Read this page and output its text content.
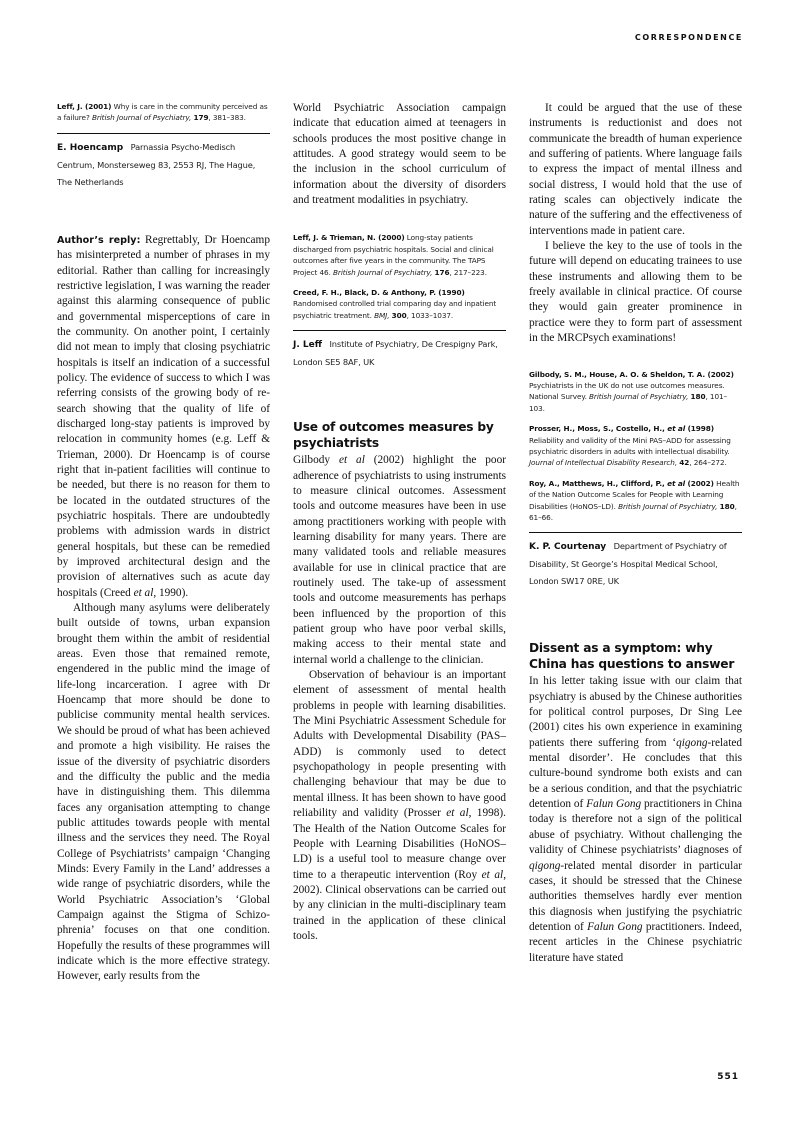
CORRESPONDENCE

Leff, J. (2001) Why is care in the community perceived as a failure? British Journal of Psychiatry, 179, 381–383.

E. Hoencamp Parnassia Psycho-Medisch
Centrum, Monsterseweg 83, 2553 RJ, The Hague,
The Netherlands

Author’s reply: Regrettably, Dr Hoencamp has misinterpreted a number of phrases in my editorial. Rather than calling for increasingly restrictive legislation, I was warning the reader against this alarming consequence of public and governmental misperceptions of care in the community. On another point, I certainly did not mean to imply that closing psychiatric hospitals is itself an indication of a successful policy. The evidence of success to which I was referring consists of the growing body of research showing that the quality of life of discharged long-stay patients is improved by relocation in community homes (e.g. Leff & Trieman, 2000). Dr Hoencamp is of course right that in-patient facilities will continue to be needed, but there is no reason for them to be located in the outdated structures of the psychiatric hospitals. There are undoubtedly problems with admission wards in district general hospitals, but these can be remedied by improved architectural design and the provision of alternatives such as acute day hospitals (Creed et al, 1990).

Although many asylums were deliberately built outside of towns, urban expansion brought them within the ambit of residential areas. Even those that remained remote, engendered in the public mind the image of life-long incarceration. I agree with Dr Hoencamp that more should be done to publicise community mental health services. We should be proud of what has been achieved and promote a high visibility. He raises the issue of the diversity of psychiatric disorders and the difficulty the public and the media have in distinguishing them. This dilemma faces any organisation attempting to change public attitudes towards people with mental illness and the services they need. The Royal College of Psychiatrists’ campaign ‘Changing Minds: Every Family in the Land’ addresses a wide range of psychiatric disorders, while the World Psychiatric Association’s ‘Global Campaign against the Stigma of Schizophrenia’ focuses on that one condition. Hopefully the results of these programmes will indicate which is the more effective strategy. However, early results from the

World Psychiatric Association campaign indicate that education aimed at teenagers in schools produces the most positive change in attitudes. A good strategy would seem to be the inclusion in the school curriculum of information about the diversity of disorders and treatment modalities in psychiatry.

Leff, J. & Trieman, N. (2000) Long-stay patients discharged from psychiatric hospitals. Social and clinical outcomes after five years in the community. The TAPS Project 46. British Journal of Psychiatry, 176, 217–223.

Creed, F. H., Black, D. & Anthony, P. (1990) Randomised controlled trial comparing day and inpatient psychiatric treatment. BMJ, 300, 1033–1037.

J. Leff Institute of Psychiatry, De Crespigny Park,
London SE5 8AF, UK
Use of outcomes measures by psychiatrists

Gilbody et al (2002) highlight the poor adherence of psychiatrists to using instruments to measure clinical outcomes. Assessment tools and outcome measures have been in use among practitioners working with people with learning disability for many years. There are many validated tools and reliable measures available for use in clinical practice that are routinely used. The take-up of assessment tools and outcome measurements has perhaps been influenced by the proportion of this patient group who have poor verbal skills, making access to their mental state and internal world a challenge to the clinician.

Observation of behaviour is an important element of assessment of mental health problems in people with learning disabilities. The Mini Psychiatric Assessment Schedule for Adults with Developmental Disability (PAS–ADD) is commonly used to detect psychopathology in people presenting with challenging behaviour that may be due to mental illness. It has been shown to have good reliability and validity (Prosser et al, 1998). The Health of the Nation Outcome Scales for People with Learning Disabilities (HoNOS–LD) is a useful tool to measure change over time to a therapeutic intervention (Roy et al, 2002). Clinical observations can be carried out by any clinician in the multi-disciplinary team trained in the application of these clinical tools.

It could be argued that the use of these instruments is reductionist and does not communicate the breadth of human experience and suffering of patients. Where language fails to express the impact of mental illness and social distress, I would hold that the use of rating scales can objectively indicate the nature of the suffering and the effectiveness of interventions made in patient care.

I believe the key to the use of tools in the future will depend on educating trainees to use these instruments and allowing them to be freely available in clinical practice. Of course they would gain greater prominence in practice were they to form part of assessment in the MRCPsych examinations!

Gilbody, S. M., House, A. O. & Sheldon, T. A. (2002) Psychiatrists in the UK do not use outcomes measures. National Survey. British Journal of Psychiatry, 180, 101–103.

Prosser, H., Moss, S., Costello, H., et al (1998) Reliability and validity of the Mini PAS–ADD for assessing psychiatric disorders in adults with intellectual disability. Journal of Intellectual Disability Research, 42, 264–272.

Roy, A., Matthews, H., Clifford, P., et al (2002) Health of the Nation Outcome Scales for People with Learning Disabilities (HoNOS–LD). British Journal of Psychiatry, 180, 61–66.

K. P. Courtenay Department of Psychiatry of
Disability, St George’s Hospital Medical School,
London SW17 0RE, UK
Dissent as a symptom: why China has questions to answer

In his letter taking issue with our claim that psychiatry is abused by the Chinese authorities for political control purposes, Dr Sing Lee (2001) cites his own experience in examining patients there suffering from ‘qigong-related mental disorder’. He concludes that this culture-bound syndrome both exists and can be a serious condition, and that the psychiatric detention of Falun Gong practitioners in China today is therefore not a sign of the political abuse of psychiatry. Without challenging the validity of Chinese psychiatrists’ diagnoses of qigong-related mental disorder in particular cases, it should be stressed that the Chinese authorities themselves hardly ever mention this diagnosis when justifying the psychiatric detention of Falun Gong practitioners. Indeed, recent articles in the Chinese psychiatric literature have stated

551
